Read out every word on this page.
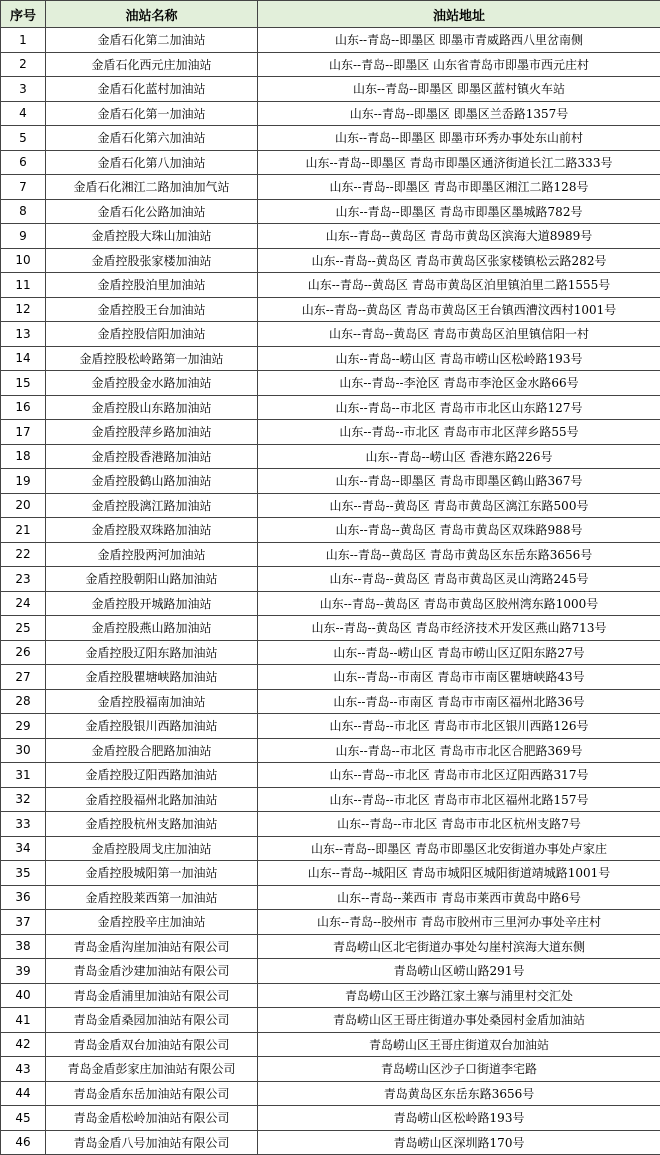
序号	油站名称	油站地址
1	金盾石化第二加油站	山东--青岛--即墨区 即墨市青威路西八里岔南侧
2	金盾石化西元庄加油站	山东--青岛--即墨区 山东省青岛市即墨市西元庄村
3	金盾石化蓝村加油站	山东--青岛--即墨区 即墨区蓝村镇火车站
4	金盾石化第一加油站	山东--青岛--即墨区 即墨区兰岙路1357号
5	金盾石化第六加油站	山东--青岛--即墨区 即墨市环秀办事处东山前村
6	金盾石化第八加油站	山东--青岛--即墨区 青岛市即墨区通济街道长江二路333号
7	金盾石化湘江二路加油加气站	山东--青岛--即墨区 青岛市即墨区湘江二路128号
8	金盾石化公路加油站	山东--青岛--即墨区 青岛市即墨区墨城路782号
9	金盾控股大珠山加油站	山东--青岛--黄岛区 青岛市黄岛区滨海大道8989号
10	金盾控股张家楼加油站	山东--青岛--黄岛区 青岛市黄岛区张家楼镇松云路282号
11	金盾控股泊里加油站	山东--青岛--黄岛区 青岛市黄岛区泊里镇泊里二路1555号
12	金盾控股王台加油站	山东--青岛--黄岛区 青岛市黄岛区王台镇西漕汶西村1001号
13	金盾控股信阳加油站	山东--青岛--黄岛区 青岛市黄岛区泊里镇信阳一村
14	金盾控股松岭路第一加油站	山东--青岛--崂山区 青岛市崂山区松岭路193号
15	金盾控股金水路加油站	山东--青岛--李沧区 青岛市李沧区金水路66号
16	金盾控股山东路加油站	山东--青岛--市北区 青岛市市北区山东路127号
17	金盾控股萍乡路加油站	山东--青岛--市北区 青岛市市北区萍乡路55号
18	金盾控股香港路加油站	山东--青岛--崂山区 香港东路226号
19	金盾控股鹤山路加油站	山东--青岛--即墨区 青岛市即墨区鹤山路367号
20	金盾控股漓江路加油站	山东--青岛--黄岛区 青岛市黄岛区漓江东路500号
21	金盾控股双珠路加油站	山东--青岛--黄岛区 青岛市黄岛区双珠路988号
22	金盾控股两河加油站	山东--青岛--黄岛区 青岛市黄岛区东岳东路3656号
23	金盾控股朝阳山路加油站	山东--青岛--黄岛区 青岛市黄岛区灵山湾路245号
24	金盾控股开城路加油站	山东--青岛--黄岛区 青岛市黄岛区胶州湾东路1000号
25	金盾控股燕山路加油站	山东--青岛--黄岛区 青岛市经济技术开发区燕山路713号
26	金盾控股辽阳东路加油站	山东--青岛--崂山区 青岛市崂山区辽阳东路27号
27	金盾控股瞿塘峡路加油站	山东--青岛--市南区 青岛市市南区瞿塘峡路43号
28	金盾控股福南加油站	山东--青岛--市南区 青岛市市南区福州北路36号
29	金盾控股银川西路加油站	山东--青岛--市北区 青岛市市北区银川西路126号
30	金盾控股合肥路加油站	山东--青岛--市北区 青岛市市北区合肥路369号
31	金盾控股辽阳西路加油站	山东--青岛--市北区 青岛市市北区辽阳西路317号
32	金盾控股福州北路加油站	山东--青岛--市北区 青岛市市北区福州北路157号
33	金盾控股杭州支路加油站	山东--青岛--市北区 青岛市市北区杭州支路7号
34	金盾控股周戈庄加油站	山东--青岛--即墨区 青岛市即墨区北安街道办事处卢家庄
35	金盾控股城阳第一加油站	山东--青岛--城阳区 青岛市城阳区城阳街道靖城路1001号
36	金盾控股莱西第一加油站	山东--青岛--莱西市 青岛市莱西市黄岛中路6号
37	金盾控股辛庄加油站	山东--青岛--胶州市 青岛市胶州市三里河办事处辛庄村
38	青岛金盾沟崖加油站有限公司	青岛崂山区北宅街道办事处勾崖村滨海大道东侧
39	青岛金盾沙建加油站有限公司	青岛崂山区崂山路291号
40	青岛金盾浦里加油站有限公司	青岛崂山区王沙路江家土寨与浦里村交汇处
41	青岛金盾桑园加油站有限公司	青岛崂山区王哥庄街道办事处桑园村金盾加油站
42	青岛金盾双台加油站有限公司	青岛崂山区王哥庄街道双台加油站
43	青岛金盾彭家庄加油站有限公司	青岛崂山区沙子口街道李宅路
44	青岛金盾东岳加油站有限公司	青岛黄岛区东岳东路3656号
45	青岛金盾松岭加油站有限公司	青岛崂山区松岭路193号
46	青岛金盾八号加油站有限公司	青岛崂山区深圳路170号
